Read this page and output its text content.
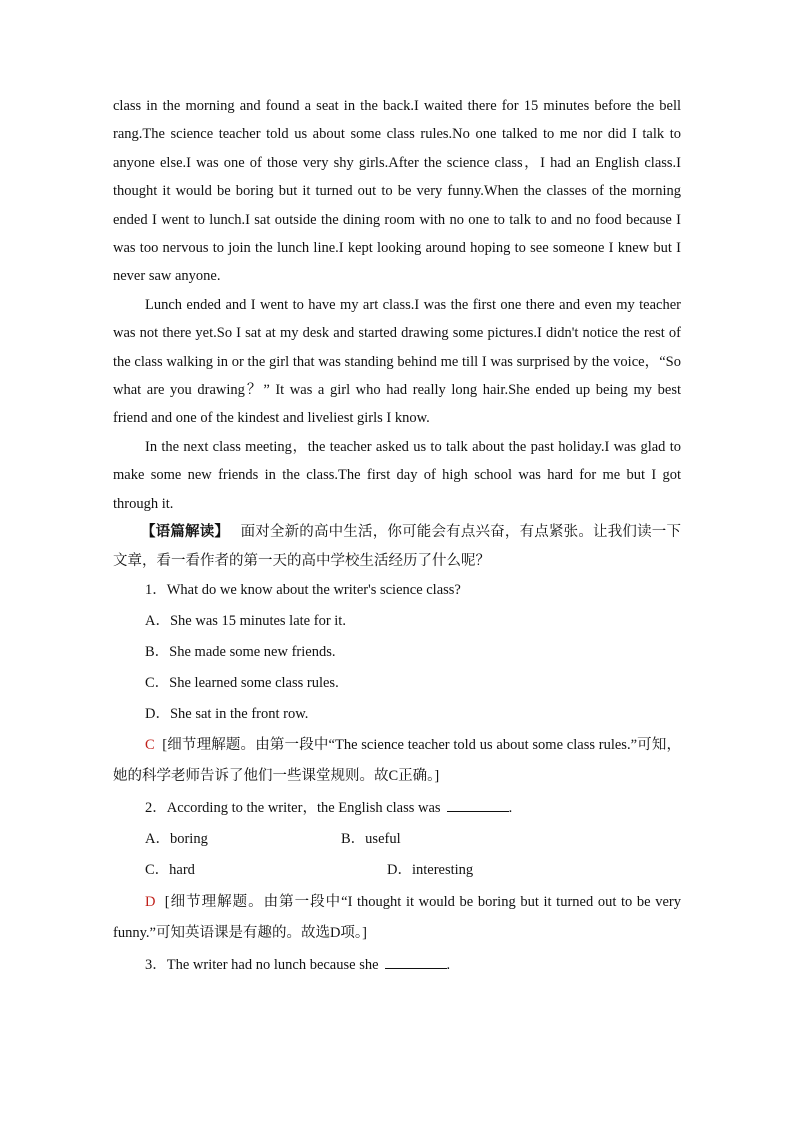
class in the morning and found a seat in the back.I waited there for 15 minutes before the bell rang.The science teacher told us about some class rules.No one talked to me nor did I talk to anyone else.I was one of those very shy girls.After the science class，I had an English class.I thought it would be boring but it turned out to be very funny.When the classes of the morning ended I went to lunch.I sat outside the dining room with no one to talk to and no food because I was too nervous to join the lunch line.I kept looking around hoping to see someone I knew but I never saw anyone.

Lunch ended and I went to have my art class.I was the first one there and even my teacher was not there yet.So I sat at my desk and started drawing some pictures.I didn't notice the rest of the class walking in or the girl that was standing behind me till I was surprised by the voice，“So what are you drawing？” It was a girl who had really long hair.She ended up being my best friend and one of the kindest and liveliest girls I know.

In the next class meeting，the teacher asked us to talk about the past holiday.I was glad to make some new friends in the class.The first day of high school was hard for me but I got through it.

【语篇解读】 面对全新的高中生活，你可能会有点兴奋，有点紧张。让我们读一下文章，看一看作者的第一天的高中学校生活经历了什么呢？

1．What do we know about the writer's science class?
A．She was 15 minutes late for it.
B．She made some new friends.
C．She learned some class rules.
D．She sat in the front row.

C [细节理解题。由第一段中“The science teacher told us about some class rules.”可知，她的科学老师告诉了他们一些课堂规则。故C正确。]

2．According to the writer，the English class was	.
A．boring	B．useful
C．hard	D．interesting

D [细节理解题。由第一段中“I thought it would be boring but it turned out to be very funny.”可知英语课是有趣的。故选D项。]

3．The writer had no lunch because she	.
